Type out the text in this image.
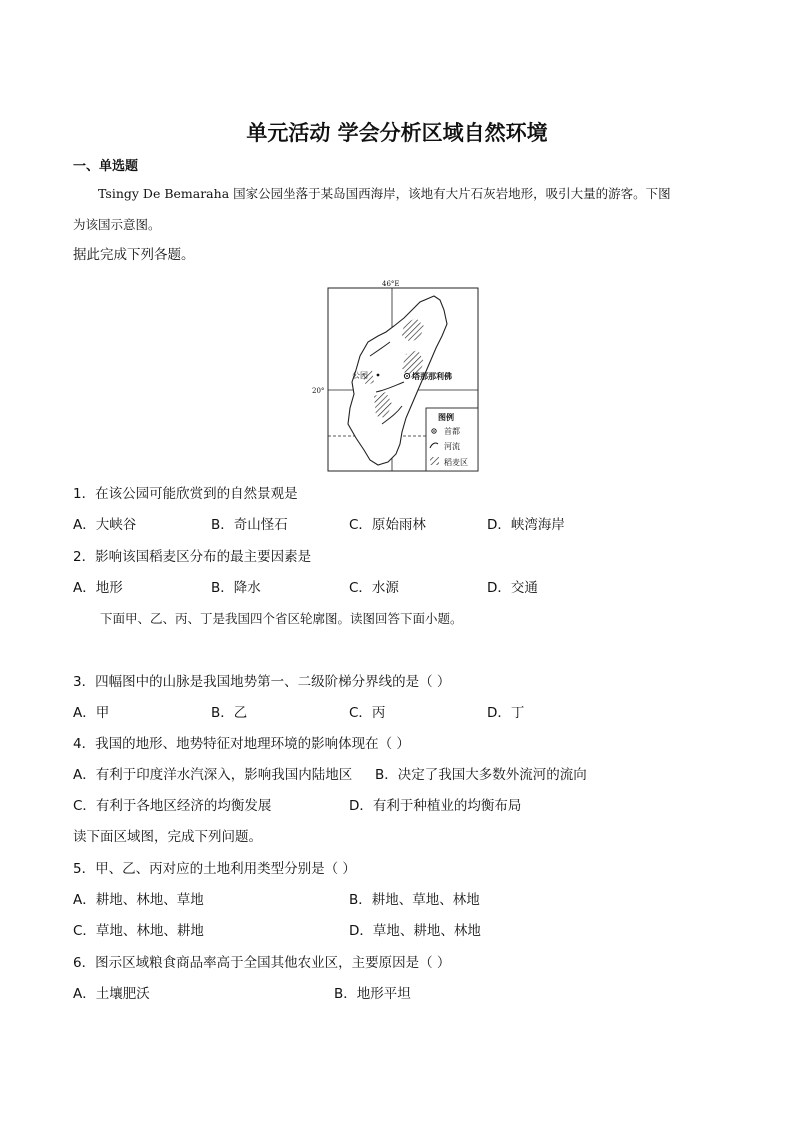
单元活动 学会分析区域自然环境
一、单选题
Tsingy De Bemaraha 国家公园坐落于某岛国西海岸，该地有大片石灰岩地形，吸引大量的游客。下图
为该国示意图。
据此完成下列各题。
公园	塔那那利佛
46°E
20°
图例
首都
河流
稻麦区
1．在该公园可能欣赏到的自然景观是
A．大峡谷	B．奇山怪石	C．原始雨林	D．峡湾海岸
2．影响该国稻麦区分布的最主要因素是
A．地形	B．降水	C．水源	D．交通
下面甲、乙、丙、丁是我国四个省区轮廓图。读图回答下面小题。
3．四幅图中的山脉是我国地势第一、二级阶梯分界线的是（ ）
A．甲	B．乙	C．丙	D．丁
4．我国的地形、地势特征对地理环境的影响体现在（ ）
A．有利于印度洋水汽深入，影响我国内陆地区 B．决定了我国大多数外流河的流向
C．有利于各地区经济的均衡发展	D．有利于种植业的均衡布局
读下面区域图，完成下列问题。
5．甲、乙、丙对应的土地利用类型分别是（ ）
A．耕地、林地、草地	B．耕地、草地、林地
C．草地、林地、耕地	D．草地、耕地、林地
6．图示区域粮食商品率高于全国其他农业区，主要原因是（ ）
A．土壤肥沃	B．地形平坦
